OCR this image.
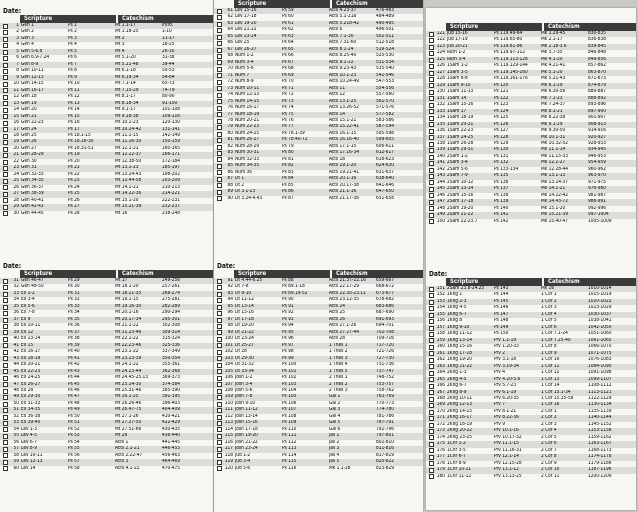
Date:
Scripture	Catechism
1 Gen 1	Ps 1	Mt 1.1-17	Intro.
2 Gen 2	Ps 2	Mt 1.18-25	1-10
3 Gen 3	Ps 3	Mt 2	11-17
4 Gen 4	Ps 4	Mt 3	18-25
5 Gen 5-6.8	Ps 5	Mt 4	26-30
6 Gen 6.9-7.24	Ps 6	Mt 5.1-20	31-38
7 Gen 8-9	Ps 7	Mt 5.21-48	39-44
8 Gen 10-11	Ps 8	Mt 6.1-18	50-53
9 Gen 12-13	Ps 9	Mt 6.19-34	54-64
10 Gen 14-15	Ps 10	Mt 7.1-14	65-73
11 Gen 16-17	Ps 11	Mt 7.15-29	74-79
12 Gen 18	Ps 12	Mt 8.1-17	80-90
13 Gen 19	Ps 13	Mt 8.18-34	91-100
14 Gen 20	Ps 14	Mt 9.1-17	101-108
15 Gen 21	Ps 15	Mt 9.18-38	109-116
16 Gen 22-23	Ps 16	Mt 10.1-23	120-130
17 Gen 24	Ps 17	Mt 10.24-42	131-141
18 Gen 25	Ps 18.1-15	Mt 11.1-15	142-149
19 Gen 26	Ps 18.16-30	Mt 11.16-30	150-159
20 Gen 27	Ps 18.31-51	Mt 12.1-21	160-165
21 Gen 28-29	Ps 19	Mt 12.22-37	166-171
22 Gen 30	Ps 20	Mt 12.38-50	172-184
23 Gen 31	Ps 21	Mt 13.1-23	185-197
24 Gen 32-33	Ps 22	Mt 13.24-43	198-202
25 Gen 34-35	Ps 23	Mt 13.44-58	203-209
26 Gen 36-37	Ps 24	Mt 14.1-21	210-213
27 Gen 38-39	Ps 25	Mt 14.22-36	214-221
28 Gen 40-41	Ps 26	Mt 15.1-20	222-231
29 Gen 42-43	Ps 27	Mt 15.21-39	232-237
30 Gen 44-45	Ps 28	Mt 16	238-248
Date:
Scripture	Catechism
31 Gen 46-47	Ps 29	Mt 17	249-256
32 Gen 48-50	Ps 30	Mt 18.1-20	257-261
33 Ex 1-2	Ps 31	Mt 18.21-35	268-274
34 Ex 3-4	Ps 32	Mt 19.1-15	275-281
35 Ex 5-6	Ps 33	Mt 19.16-30	282-289
36 Ex 7-8	Ps 34	Mt 20.1-16	290-294
37 Ex 9	Ps 35	Mt 20.17-34	295-301
38 Ex 10-11	Ps 36	Mt 21.1-22	302-308
39 Ex 12	Ps 37	Mt 21.23-46	309-314
40 Ex 13-14	Ps 38	Mt 22.1-22	315-324
41 Ex 15	Ps 39	Mt 22.23-46	325-336
42 Ex 16-17	Ps 40	Mt 23.1-22	337-349
43 Ex 18-19	Ps 41	Mt 23.23-39	350-354
44 Ex 20-21	Ps 42	Mt 24.1-22	355-361
45 Ex 22-23	Ps 43	Mt 24.23-44	362-368
46 Ex 24-25	Ps 44	Mt 24.45-25.13	369-373
47 Ex 26-27	Ps 45	Mt 25.14-30	374-384
48 Ex 28	Ps 46	Mt 25.31-46	385-390
49 Ex 29-30	Ps 47	Mt 26.1-25	391-395
50 Ex 31-33	Ps 48	Mt 26.26-46	396-403
51 Ex 34-35	Ps 49	Mt 26.47-75	404-409
52 Ex 36-38	Ps 50	Mt 27.1-26	410-421
53 Ex 39-40	Ps 51	Mt 27.27-50	422-429
54 Lev 1-3	Ps 52	Mt 27.51-66	430-435
55 Lev 4-5	Ps 53	Mt 28	436-440
56 Lev 6-7	Ps 54	Acts 1	441-445
57 Lev 8-9	Ps 55	Acts 2.1-21	446-455
58 Lev 10-11	Ps 56	Acts 2.22-47	456-463
59 Lev 12-13	Ps 57	Acts 3	464-469
60 Lev 14	Ps 58	Acts 4.1-22	470-475
Scripture	Catechism
61 Lev 15-16	Ps 59	Acts 4.23-37	476-483
62 Lev 17-18	Ps 60	Acts 5.1-21a	484-489
63 Lev 19-20	Ps 61	Acts 5.21b-42	490-495
64 Lev 21-22	Ps 62	Acts 6	496-501
65 Lev 23-24	Ps 63	Acts 7.1-30	502-511
66 Lev 25	Ps 64	Acts 7.31-60	512-518
67 Lev 26-27	Ps 65	Acts 8.1-24	519-524
68 Num 1-2	Ps 66	Acts 8.25-40	525-530
69 Num 3-4	Ps 67	Acts 9.1-22	531-534
70 Num 5-6	Ps 68	Acts 9.23-43	535-540
71 Num 7	Ps 69	Acts 10.1-23	541-546
72 Num 8-9	Ps 70	Acts 10.24-49	547-553
73 Num 10-11	Ps 71	Acts 11	554-556
74 Num 12-13	Ps 72	Acts 12	557-560
75 Num 14-15	Ps 73	Acts 13.1-25	561-570
76 Num 16-17	Ps 74	Acts 13.26-52	571-576
77 Num 18-19	Ps 75	Acts 14	577-582
78 Num 20-21	Ps 76	Acts 15.1-21	583-586
79 Num 22-23	Ps 77	Acts 15.22-41	587-594
80 Num 24-25	Ps 78.1-39	Acts 16.1-15	595-598
81 Num 26-27	Ps 78.40-72	Acts 16.16-40	599-605
82 Num 28-29	Ps 79	Acts 17.1-15	606-611
83 Num 30-31	Ps 80	Acts 17.16-34	612-617
84 Num 32-33	Ps 81	Acts 18	618-623
85 Num 34-35	Ps 82	Acts 19.1-20	624-630
86 Num 36	Ps 83	Acts 19.21-41	631-637
87 Dt 1	Ps 84	Acts 20.1-16	638-640
88 Dt 2	Ps 85	Acts 20.17-38	641-646
89 Dt 3.1-23	Ps 86	Acts 21.1-16	647-650
90 Dt 3.24-4.43	Ps 87	Acts 21.17-36	651-658
Date:
Scripture	Catechism
91 Dt 4.44-6.25	Ps 88	Acts 21.37-22.16	659-667
92 Dt 7-8	Ps 89.1-18	Acts 22.17-29	668-672
93 Dt 9-10	Ps 89.19-52	Acts 22.30-23.11	673-677
94 Dt 11-12	Ps 90	Acts 23.12-35	678-682
95 Dt 13-14	Ps 91	Acts 24	683-686
96 Dt 15-16	Ps 92	Acts 25	687-690
97 Dt 17-18	Ps 93	Acts 26	691-693
98 Dt 19-20	Ps 94	Acts 27.1-26	694-701
99 Dt 21-22	Ps 95	Acts 27.27-44	702-708
100 Dt 23-24	Ps 96	Acts 28	709-716
101 Dt 25-27	Ps 97	1 Thes 1	717-720
102 Dt 28	Ps 98	1 Thes 2	721-726
103 Dt 29-30	Ps 99	1 Thes 3	727-730
104 Dt 31-32	Ps 100	1 Thes 4	731-736
105 Dt 33-34	Ps 101	1 Thes 5	737-747
106 Josh 1-2	Ps 102	2 Thes 1	748-752
107 Josh 3-4	Ps 103	2 Thes 2	753-757
108 Josh 5-6	Ps 104	2 Thes 3	758-762
109 Josh 7-8	Ps 105	Gal 1	763-769
110 Josh 9-10	Ps 106	Gal 2	770-773
111 Josh 11-12	Ps 107	Gal 3	774-780
112 Josh 13-14	Ps 108	Gal 4	781-786
113 Josh 15-16	Ps 109	Gal 5	787-791
114 Josh 17-18	Ps 110	Gal 6	792-796
115 Josh 19-20	Ps 111	Jas 1	797-801
116 Josh 21-22	Ps 112	Jas 2	802-810
117 Josh 23-24	Ps 113	Jas 3	811-816
118 Jud 1-2	Ps 114	Jas 4	817-819
119 Jud 3-4	Ps 115	Jas 5	820-822
120 Jud 5-6	Ps 116	Mk 1.1-28	823-829
Scripture	Catechism
121 Jud 15-16	Ps 119.49-64	Mk 1.29-45	830-835
122 Jud 17-19	Ps 119.65-80	Mk 2.1-17	836-838
123 Jud 20-21	Ps 119.81-96	Mk 2.18-3.6	839-845
124 Ruth 1-2	Ps 119.97-112	Mk 3.7-35	846-848
125 Ruth 3-4	Ps 119.113-128	Mk 4.1-20	849-856
126 1Sam 1-2	Ps 119.129-144	Mk 4.21-41	857-862
127 1Sam 3-5	Ps 119.145-160	Mk 5.1-20	863-870
128 1Sam 6-8	Ps 119.161-176	Mk 5.21-43	871-873
129 1Sam 9-10	Ps 120	Mk 6.1-29	874-879
130 1Sam 11-13	Ps 121	Mk 6.30-56	880-887
131 1Sam 14	Ps 122	Mk 7.1-23	888-892
132 1Sam 15-16	Ps 123	Mk 7.24-37	893-896
133 1Sam 17	Ps 124	Mk 8.1-21	897-900
134 1Sam 18-19	Ps 125	Mk 8.22-38	901-907
135 1Sam 20-21	Ps 126	Mk 9.1-29	908-913
136 1Sam 22-23	Ps 127	Mk 9.30-50	914-916
137 1Sam 24-25	Ps 128	Mk 10.1-31	920-927
138 1Sam 26-28	Ps 129	Mk 10.32-52	928-933
139 1Sam 29-31	Ps 130	Mk 11.1-14	934-945
140 2Sam 1-2	Ps 131	Mk 11.15-33	946-953
141 2Sam 3-4	Ps 132	Mk 12.1-27	954-959
142 2Sam 5-6	Ps 133-134	Mk 12.28-44	960-962
143 2Sam 7-9	Ps 135	Mk 13.1-13	963-970
144 2Sam 10-12	Ps 136	Mk 13.14-37	971-975
145 2Sam 13-14	Ps 137	Mk 14.1-21	976-980
146 2Sam 15-16	Ps 138	Mk 14.22-42	981-987
147 2Sam 17-18	Ps 139	Mk 14.43-72	988-991
148 2Sam 19-20	Ps 140	Mk 15.1-20	992-996
149 2Sam 21-22	Ps 141	Mk 15.21-39	997-1004
150 2Sam 22-23.7	Ps 142	Mk 15.40-47	1005-1009
Date:
Scripture	Catechism
151 2Sam 23.8-24.25	Ps 143	Mk 16	1010-1014
152 1Kng 1	Ps 144	1 Cor 1	1015-1019
153 1Kng 2-3	Ps 145	1 Cor 2	1020-1022
154 1Kng 4-5	Ps 146	1 Cor 3	1023-1029
155 1Kng 6-7	Ps 147	1 Cor 4	1030-1037
156 1Kng 8	Ps 148	1 Cor 5	1038-1041
157 1Kng 9-10	Ps 149	1 Cor 6	1042-1050
158 1Kng 11-12	Ps 150	1 Cor 7.1-24	1051-1060
159 1Kng 13-14	Prv 1.1-19	1 Cor 7.25-40	1061-1065
160 1Kng 15-16	Prv 1.20-33	1 Cor 8	1066-1070
161 1Kng 17-18	Prv 2	1 Cor 9	1071-1075
162 1Kng 19-20	Prv 3.1-18	1 Cor 10	1076-1083
163 1Kng 21-22	Prv 3.19-34	1 Cor 11	1084-1090
164 2Kng 1-3	Prv 4	1 Cor 12	1091-1098
165 2Kng 4-5	Prv 4.20-5.6	1 Cor 13	1099-1107
166 2Kng 6-7	Prv 5.7-23	1 Cor 14	1108-1112
167 2Kng 8-9	Prv 6.1-19	1 Cor 15.1-34	1113-1121
168 2Kng 10-11	Prv 6.20-35	1 Cor 15.35-58	1122-1129
169 2Kng 12-13	Prv 7	1 Cor 16	1130-1134
170 2Kng 14-15	Prv 8.1-21	2 Cor 1	1135-1139
171 2Kng 16-17	Prv 8.22-36	2 Cor 2	1140-1144
172 2Kng 18-19	Prv 9	2 Cor 3	1145-1152
173 2Kng 20-22	Prv 10.1-16	2 Cor 4	1153-1158
174 2Kng 23-25	Prv 10.17-32	2 Cor 5	1159-1162
175 1Chr 1-2	Prv 11.1-15	2 Cor 6	1163-1167
176 1Chr 3-5	Prv 11.16-31	2 Cor 7	1168-1173
177 1Chr 6-7	Prv 12.1-14	2 Cor 8	1174-1178
178 1Chr 8-9	Prv 12.15-28	2 Cor 9	1179-1186
179 1Chr 10-11	Prv 13.1-12	2 Cor 10	1187-1196
180 1Chr 11-12	Prv 13.13-25	2 Cor 11	1200-1209
